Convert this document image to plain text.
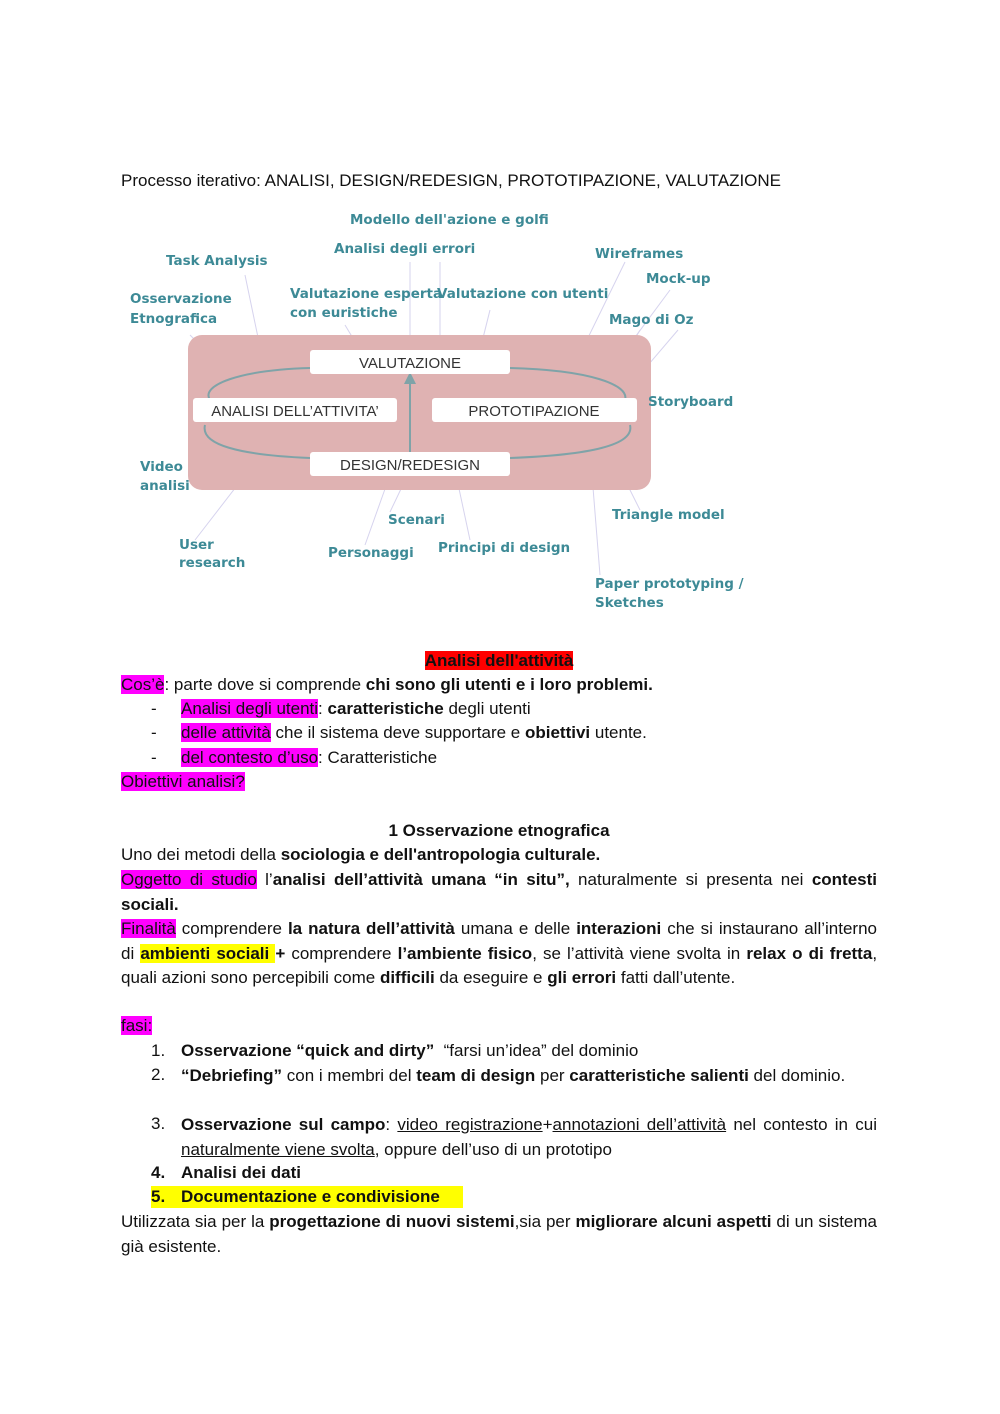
Processo iterativo: ANALISI, DESIGN/REDESIGN, PROTOTIPAZIONE, VALUTAZIONE
VALUTAZIONE
ANALISI DELL’ATTIVITA’	PROTOTIPAZIONE
DESIGN/REDESIGN
Modello dell'azione e golfi
Analisi degli errori
Task Analysis	Wireframes
Mock-up
Osservazione
Etnografica
Valutazione esperta
con euristiche
Valutazione con utenti
Mago di Oz
Storyboard
Video
analisi
Scenari	Triangle model
User
research
Personaggi Principi di design
Paper prototyping /
Sketches
Analisi dell'attività
Cos’è: parte dove si comprende chi sono gli utenti e i loro problemi.
- Analisi degli utenti: caratteristiche degli utenti
- delle attività che il sistema deve supportare e obiettivi utente.
- del contesto d’uso: Caratteristiche
Obiettivi analisi?
1 Osservazione etnografica
Uno dei metodi della sociologia e dell'antropologia culturale.
Oggetto di studio l’analisi dell’attività umana “in situ”, naturalmente si presenta nei contesti sociali.
Finalità comprendere la natura dell’attività umana e delle interazioni che si instaurano all’interno di ambienti sociali + comprendere l’ambiente fisico, se l’attività viene svolta in relax o di fretta, quali azioni sono percepibili come difficili da eseguire e gli errori fatti dall’utente.
fasi:
1. Osservazione “quick and dirty”  “farsi un’idea” del dominio
2. “Debriefing” con i membri del team di design per caratteristiche salienti del dominio.
3. Osservazione sul campo: video registrazione+annotazioni dell’attività nel contesto in cui naturalmente viene svolta, oppure dell’uso di un prototipo
4. Analisi dei dati
5. Documentazione e condivisione
Utilizzata sia per la progettazione di nuovi sistemi,sia per migliorare alcuni aspetti di un sistema già esistente.
